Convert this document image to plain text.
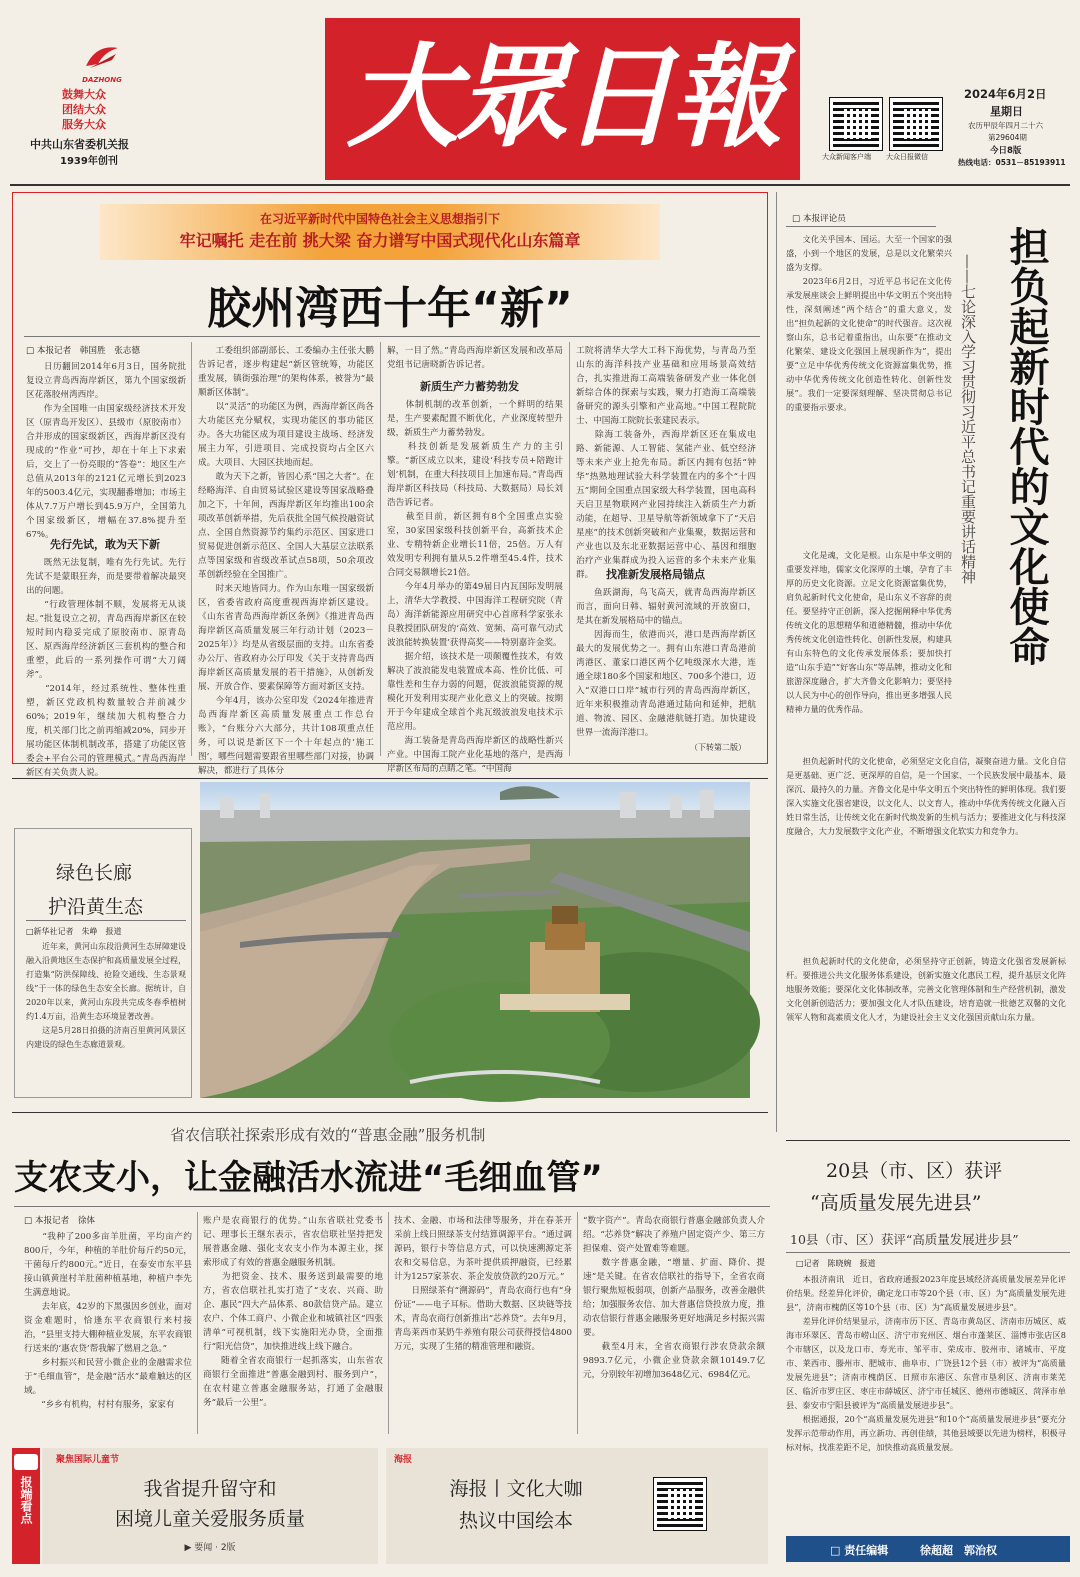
DAZHONG
鼓舞大众
团结大众
服务大众
中共山东省委机关报
1939年创刊 大眾日報	大众新闻客户端 大众日报微信
2024年6月2日
星期日
农历甲辰年四月二十六
第29604期
今日8版
热线电话：0531－85193911
在习近平新时代中国特色社会主义思想指引下
牢记嘱托 走在前 挑大梁 奋力谱写中国式现代化山东篇章
胶州湾西十年“新”
□ 本报记者　韩国胜　张志德
　　日历翻回2014年6月3日，国务院批复设立青岛西海岸新区，第九个国家级新区花落胶州湾西岸。
　　作为全国唯一由国家级经济技术开发区（原青岛开发区）、县级市（原胶南市）合并形成的国家级新区，西海岸新区没有现成的“作业”可抄，却在十年上下求索后，交上了一份亮眼的“答卷”：地区生产总值从2013年的2121亿元增长到2023年的5003.4亿元，实现翻番增加；市场主体从7.7万户增长到45.9万户，全国第九个国家级新区，增幅在37.8%提升至67%。
先行先试，敢为天下新
　　既然无法复制，唯有先行先试。先行先试不是蒙眼狂奔，而是要带着解决最突出的问题。
　　“行政管理体制不顺，发展将无从谈起。”批复设立之初，青岛西海岸新区在较短时间内稳妥完成了原胶南市、原青岛区、原西海岸经济新区三套机构的整合和重塑，此后的一系列操作可谓“大刀阔斧”。
　　“2014年，经过系统性、整体性重塑，新区党政机构数量较合并前减少60%；2019年，继续加大机构整合力度，机关部门比之前再缩减20%，同步开展功能区体制机制改革，搭建了功能区管委会+平台公司的管理模式。”青岛西海岸新区有关负责人说。
　　工委组织部副部长、工委编办主任张大鹏告诉记者，逐步构建起“新区管统筹，功能区重发展，镇街强治理”的架构体系，被誉为“最顺新区体制”。
　　以“灵活”的功能区为例，西海岸新区尚各大功能区充分赋权，实现功能区的事功能区办。各大功能区成为项目建设主战场、经济发展主力军，引进项目、完成投资均占全区六成。大项目、大园区扶地而起。
　　敢为天下之新，皆因心系“国之大者”。在经略海洋、自由贸易试验区建设等国家战略叠加之下，十年间，西海岸新区年均推出100余项改革创新举措，先后获批全国气候投融资试点、全国自然资源节约集约示范区、国家进口贸易促进创新示范区、全国人大基层立法联系点等国家级和省级改革试点58项，50余项改革创新经验在全国推广。
　　时来天地皆同力。作为山东唯一国家级新区，省委省政府高度重视西海岸新区建设。《山东省青岛西海岸新区条例》《推进青岛西海岸新区高质量发展三年行动计划（2023－2025年）》均是从省级层面的支持。山东省委办公厅、省政府办公厅印发《关于支持青岛西海岸新区高质量发展的若干措施》，从创新发展、开放合作、要素保障等方面对新区支持。
　　今年4月，该办公室印发《2024年推进青岛西海岸新区高质量发展重点工作总台账》，“台账分六大部分，共计108项重点任务，可以说是新区下一个十年起点的‘施工图’，哪些问题需要跟省里哪些部门对接，协调解决，都进行了具体分
解，一目了然。”青岛西海岸新区发展和改革局党组书记唐晓新告诉记者。
新质生产力蓄势勃发
　　体制机制的改革创新，一个鲜明的结果是，生产要素配置不断优化，产业深度转型升级，新质生产力蓄势勃发。
　　科技创新是发展新质生产力的主引擎。“新区成立以来，建设‘科技专员+陪跑计划’机制，在重大科技项目上加速布局。”青岛西海岸新区科技局（科技局、大数据局）局长刘浩告诉记者。
　　截至目前，新区拥有8个全国重点实验室，30家国家级科技创新平台，高新技术企业、专精特新企业增长11倍，25倍。万人有效发明专利拥有量从5.2件增至45.4件，技术合同交易额增长21倍。
　　今年4月举办的第49届日内瓦国际发明展上，清华大学教授、中国海洋工程研究院（青岛）海洋新能源应用研究中心首席科学家张永良教授团队研发的‘高效、宽频、高可靠气动式波浪能转换装置’获得高奖——特别嘉许金奖。
　　据介绍，该技术是一项颠覆性技术，有效解决了波浪能发电装置成本高、性价比低、可靠性差和生存力弱的问题，促波浪能资源的规模化开发利用实现产业化意义上的突破。按期开于今年建成全球首个兆瓦级波浪发电技术示范应用。
　　海工装备是青岛西海岸新区的战略性新兴产业。中国海工院产业化基地的落户，是西海岸新区布局的点睛之笔。“中国海
工院将清华大学大工科下海优势，与青岛乃至山东的海洋科技产业基础和应用场景高效结合，扎实推进海工高端装备研发产业一体化创新综合体的探索与实践，聚力打造海工高端装备研究的源头引擎和产业高地。”中国工程院院士、中国海工院院长张建民表示。
　　除海工装备外，西海岸新区还在集成电路、新能源、人工智能、氢能产业、低空经济等未来产业上抢先布局。新区内拥有包括“钟华”热熟地理试验大科学装置在内的多个“十四五”期间全国重点国家级大科学装置，国电高科天启卫星物联网产业园持续注入新质生产力新动能，在超导、卫星导航等新领域拿下了“天启星座”的技术创新突破和产业集聚，数据运营和产业也以及东北亚数据运营中心、基因和细胞治疗产业集群成为投入运营的多个未来产业集群。	找准新发展格局锚点
　　鱼跃湖海，鸟飞高天，就青岛西海岸新区而言，面向日韩、辐射黄河流域的开放窗口，是其在新发展格局中的锚点。
　　因海而生，依港而兴，港口是西海岸新区最大的发展优势之一。拥有山东港口青岛港前湾港区、董家口港区两个亿吨级深水大港，连通全球180多个国家和地区、700多个港口，迈入“双港口口岸”城市行列的青岛西海岸新区，近年来积极推动青岛港通过陆向和延伸，把航道、物流、园区、金融港航链打造。加快建设世界一流海洋港口。
（下转第二版）
□ 本报评论员
担负起新时代的文化使命
——七论深入学习贯彻习近平总书记重要讲话精神
　　文化关乎国本、国运。大至一个国家的强盛，小到一个地区的发展，总是以文化繁荣兴盛为支撑。
　　2023年6月2日，习近平总书记在文化传承发展座谈会上鲜明提出中华文明五个突出特性，深刻阐述“两个结合”的重大意义，发出“担负起新的文化使命”的时代强音。这次视察山东，总书记着重指出，山东要“在推动文化繁荣、建设文化强国上展现新作为”，提出要“立足中华优秀传统文化资源富集优势，推动中华优秀传统文化创造性转化、创新性发展”。我们一定要深刻理解、坚决贯彻总书记的重要指示要求。
　　文化是魂，文化是根。山东是中华文明的重要发祥地，儒家文化深厚的土壤，孕育了丰厚的历史文化资源。立足文化资源富集优势，肩负起新时代文化使命，是山东义不容辞的责任。要坚持守正创新，深入挖掘阐释中华优秀传统文化的思想精华和道德精髓，推动中华优秀传统文化创造性转化、创新性发展，构建具有山东特色的文化传承发展体系；要加快打造“山东手造”“好客山东”等品牌，推动文化和旅游深度融合，扩大齐鲁文化影响力；要坚持以人民为中心的创作导向，推出更多增强人民精神力量的优秀作品。
　　担负起新时代的文化使命，必须坚定文化自信，凝聚奋进力量。文化自信是更基础、更广泛、更深厚的自信，是一个国家、一个民族发展中最基本、最深沉、最持久的力量。齐鲁文化是中华文明五个突出特性的鲜明体现。我们要深入实施文化强省建设，以文化人、以文育人，推动中华优秀传统文化融入百姓日常生活，让传统文化在新时代焕发新的生机与活力；要推进文化与科技深度融合，大力发展数字文化产业，不断增强文化软实力和竞争力。
　　担负起新时代的文化使命，必须坚持守正创新，铸造文化强省发展新标杆。要推进公共文化服务体系建设，创新实施文化惠民工程，提升基层文化阵地服务效能；要深化文化体制改革，完善文化管理体制和生产经营机制，激发文化创新创造活力；要加强文化人才队伍建设，培育造就一批德艺双馨的文化领军人物和高素质文化人才，为建设社会主义文化强国贡献山东力量。
绿色长廊
护沿黄生态
□新华社记者　朱峥　报道
　　近年来，黄河山东段沿黄河生态屏障建设融入沿黄地区生态保护和高质量发展全过程，打造集“防洪保障线、抢险交通线、生态景观线”于一体的绿色生态安全长廊。据统计，自2020年以来，黄河山东段共完成冬春季植树约1.4万亩，沿黄生态环境显著改善。
　　这是5月28日拍摄的济南百里黄河风景区内建设的绿色生态廊道景观。
省农信联社探索形成有效的“普惠金融”服务机制
支农支小，让金融活水流进“毛细血管”
□ 本报记者　徐体
　　“我种了200多亩羊肚菌，平均亩产约800斤，今年，种植的羊肚价每斤约50元，干菌每斤约800元。”近日，在泰安市东平县接山镇黄崖村羊肚菌种植基地，种植户李先生满意地说。
　　去年底，42岁的下黑强因乡创业，面对资金难题时，恰逢东平农商银行来村接治，“县里支持大棚种植业发展，东平农商银行送来的‘惠农贷’帮我解了燃眉之急。”
　　乡村振兴和民营小微企业的金融需求位于“毛细血管”，是金融“活水”最难触达的区域。
　　“乡乡有机构，村村有服务，家家有
账户是农商银行的优势。”山东省联社党委书记、理事长王继东表示，省农信联社坚持把发展普惠金融、强化支农支小作为本源主业，探索形成了有效的普惠金融服务机制。
　　为把资金、技术、服务送到最需要的地方，省农信联社扎实打造了“支农、兴商、助企、惠民”四大产品体系、80款信贷产品。建立农户、个体工商户、小微企业和城镇社区“四张清单”可视机制，线下实施阳光办贷，全面推行“阳光信贷”，加快推进线上线下融合。
　　随着全省农商银行一起抓落实，山东省农商银行全面推进“普惠金融到村、服务到户”，在农村建立普惠金融服务站，打通了金融服务“最后一公里”。
技术、金融、市场和法律等服务，并在春茶开采前上线日照绿茶支付结算调源平台。“通过调源码，银行卡等信息方式，可以快速溯源定茶农和交易信息，为茶叶提供质押融资，已经累计为1257家茶农、茶企发放贷款约20万元。”
　　日照绿茶有“溯源码”，青岛农商行也有“身份证”——电子耳标。借助大数据、区块链等技术，青岛农商行创新推出“芯养贷”。去年9月，青岛莱西市某奶牛养殖有限公司获得授信4800万元，实现了生猪的精准管理和融资。
“数字资产”。青岛农商银行普惠金融部负责人介绍。“芯养贷”解决了养殖户固定资产少、第三方担保难、资产处置难等难题。
　　数字普惠金融，“增量、扩面、降价、提速”是关键。在省农信联社的指导下，全省农商银行聚焦短板弱项，创新产品服务，改善金融供给；加强服务农信、加大普惠信贷投放力度，推动农信银行普惠金融服务更好地满足乡村振兴需要。
　　截至4月末，全省农商银行涉农贷款余额9893.7亿元，小微企业贷款余额10149.7亿元，分别较年初增加3648亿元、6984亿元。
20县（市、区）获评
“高质量发展先进县”
10县（市、区）获评“高质量发展进步县”
□记者　陈晓婉　报道
　　本报济南讯　近日，省政府通报2023年度县域经济高质量发展差异化评价结果。经差异化评价，确定龙口市等20个县（市、区）为“高质量发展先进县”，济南市槐荫区等10个县（市、区）为“高质量发展进步县”。
　　差异化评价结果显示，济南市历下区、青岛市黄岛区、济南市历城区、威海市环翠区、青岛市崂山区、济宁市兖州区、烟台市蓬莱区、淄博市张店区8个市辖区，以及龙口市、寿光市、邹平市、荣成市、胶州市、诸城市、平度市、莱西市、滕州市、肥城市、曲阜市、广饶县12个县（市）被评为“高质量发展先进县”；济南市槐荫区、日照市东港区、东营市垦利区、济南市莱芜区、临沂市罗庄区、枣庄市薛城区、济宁市任城区、德州市德城区、菏泽市单县、泰安市宁阳县被评为“高质量发展进步县”。
　　根据通报，20个“高质量发展先进县”和10个“高质量发展进步县”要充分发挥示范带动作用，再立新功、再创佳绩，其他县域要以先进为榜样，积极寻标对标，找准差距不足，加快推动高质量发展。
□ 责任编辑	徐超超　郭治权
报端看点
聚焦国际儿童节
我省提升留守和
困境儿童关爱服务质量
▶ 要闻 · 2版
海报
海报丨文化大咖
热议中国绘本
